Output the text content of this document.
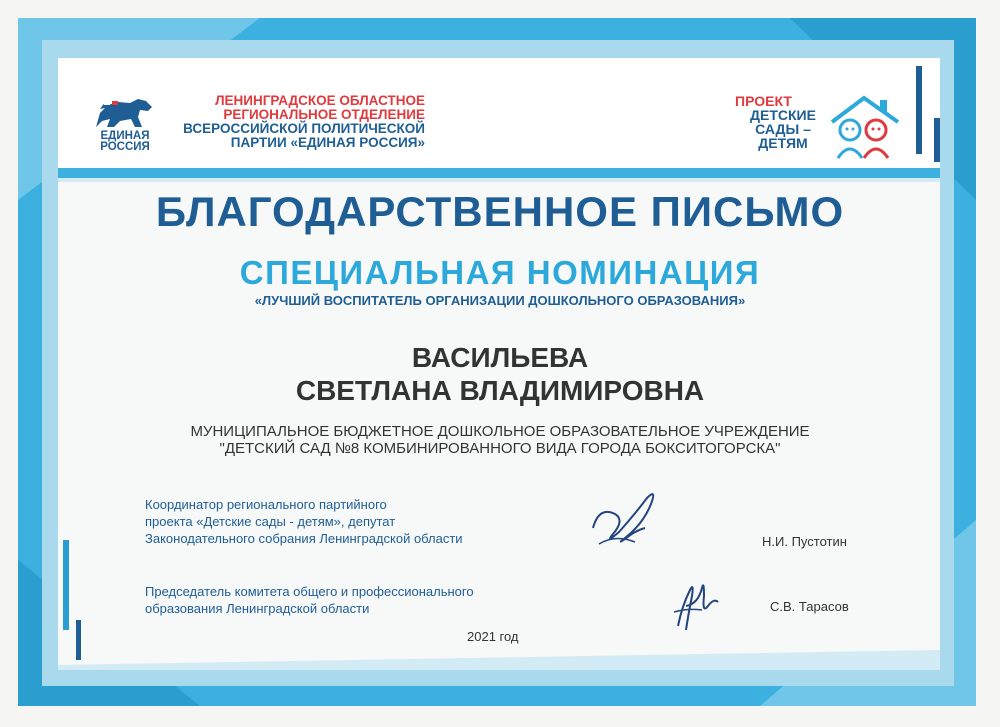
ЕДИНАЯ
РОССИЯ
ЛЕНИНГРАДСКОЕ ОБЛАСТНОЕ
РЕГИОНАЛЬНОЕ ОТДЕЛЕНИЕ
ВСЕРОССИЙСКОЙ ПОЛИТИЧЕСКОЙ
ПАРТИИ «ЕДИНАЯ РОССИЯ»
ПРОЕКТ
ДЕТСКИЕ
САДЫ –
ДЕТЯМ
БЛАГОДАРСТВЕННОЕ ПИСЬМО
СПЕЦИАЛЬНАЯ НОМИНАЦИЯ
«ЛУЧШИЙ ВОСПИТАТЕЛЬ ОРГАНИЗАЦИИ ДОШКОЛЬНОГО ОБРАЗОВАНИЯ»
ВАСИЛЬЕВА
СВЕТЛАНА ВЛАДИМИРОВНА
МУНИЦИПАЛЬНОЕ БЮДЖЕТНОЕ ДОШКОЛЬНОЕ ОБРАЗОВАТЕЛЬНОЕ УЧРЕЖДЕНИЕ
"ДЕТСКИЙ САД №8 КОМБИНИРОВАННОГО ВИДА ГОРОДА БОКСИТОГОРСКА"
Координатор регионального партийного
проекта «Детские сады - детям», депутат
Законодательного собрания Ленинградской области	Н.И. Пустотин
Председатель комитета общего и профессионального
образования Ленинградской области	С.В. Тарасов
2021 год
